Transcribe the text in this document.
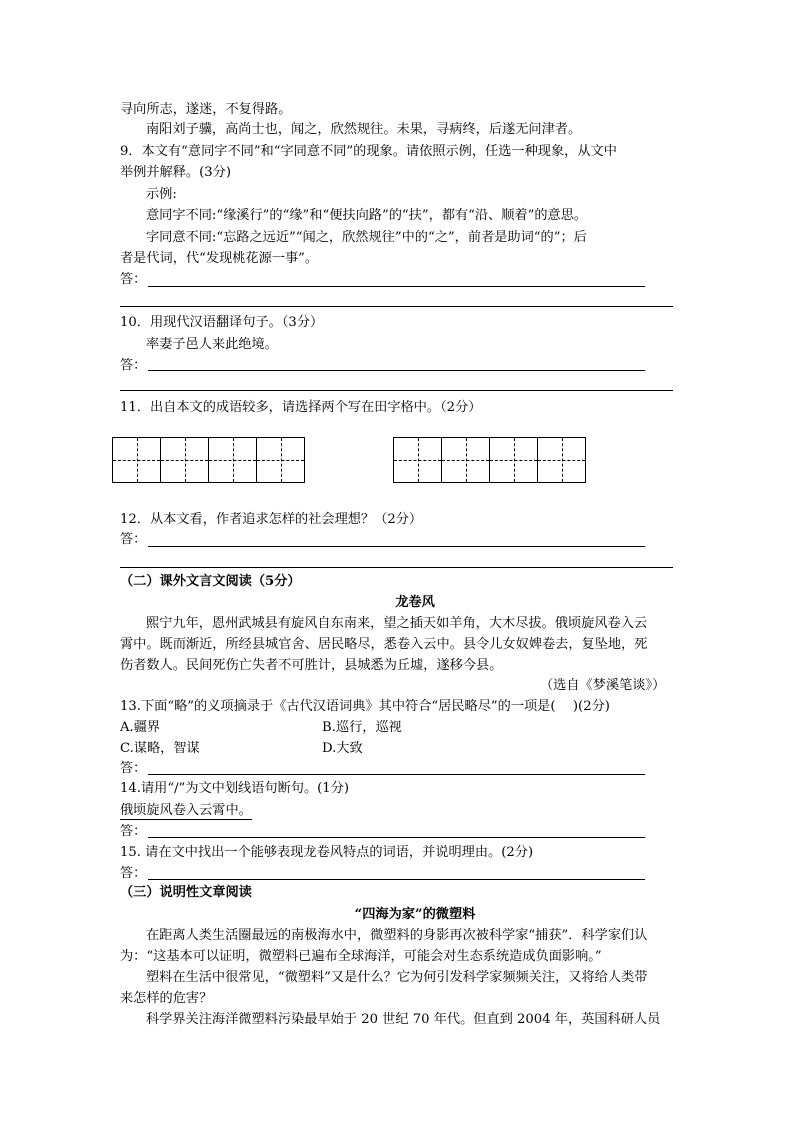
寻向所志，遂迷，不复得路。
南阳刘子骥，高尚士也，闻之，欣然规往。未果，寻病终，后遂无问津者。
9．本文有“意同字不同”和“字同意不同”的现象。请依照示例，任选一种现象，从文中
举例并解释。(3分)
示例:
意同字不同:“缘溪行”的“缘”和“便扶向路”的“扶”，都有“沿、顺着”的意思。
字同意不同:“忘路之远近”“闻之，欣然规往”中的“之”，前者是助词“的”；后
者是代词，代“发现桃花源一事”。
答：
10．用现代汉语翻译句子。（3分）
率妻子邑人来此绝境。
答：
11．出自本文的成语较多，请选择两个写在田字格中。（2分）
12．从本文看，作者追求怎样的社会理想？（2分）
答：
（二）课外文言文阅读（5分）
龙卷风
熙宁九年，恩州武城县有旋风自东南来，望之插天如羊角，大木尽拔。俄顷旋风卷入云
霄中。既而渐近，所经县城官舍、居民略尽，悉卷入云中。县令儿女奴婢卷去，复坠地，死
伤者数人。民间死伤亡失者不可胜计，县城悉为丘墟，遂移今县。
（选自《梦溪笔谈》）
13.下面“略”的义项摘录于《古代汉语词典》其中符合“居民略尽”的一项是(　 )(2分)
A.疆界	B.巡行，巡视
C.谋略，智谋	D.大致
答：
14.请用“/”为文中划线语句断句。(1分)
俄顷旋风卷入云霄中。
答：
15. 请在文中找出一个能够表现龙卷风特点的词语，并说明理由。(2分)
答：
（三）说明性文章阅读
“四海为家”的微塑料
在距离人类生活圈最远的南极海水中，微塑料的身影再次被科学家“捕获”．科学家们认
为：“这基本可以证明，微塑料已遍布全球海洋，可能会对生态系统造成负面影响。”
塑料在生活中很常见，“微塑料”又是什么？它为何引发科学家频频关注，又将给人类带
来怎样的危害？
科学界关注海洋微塑料污染最早始于 20 世纪 70 年代。但直到 2004 年，英国科研人员
